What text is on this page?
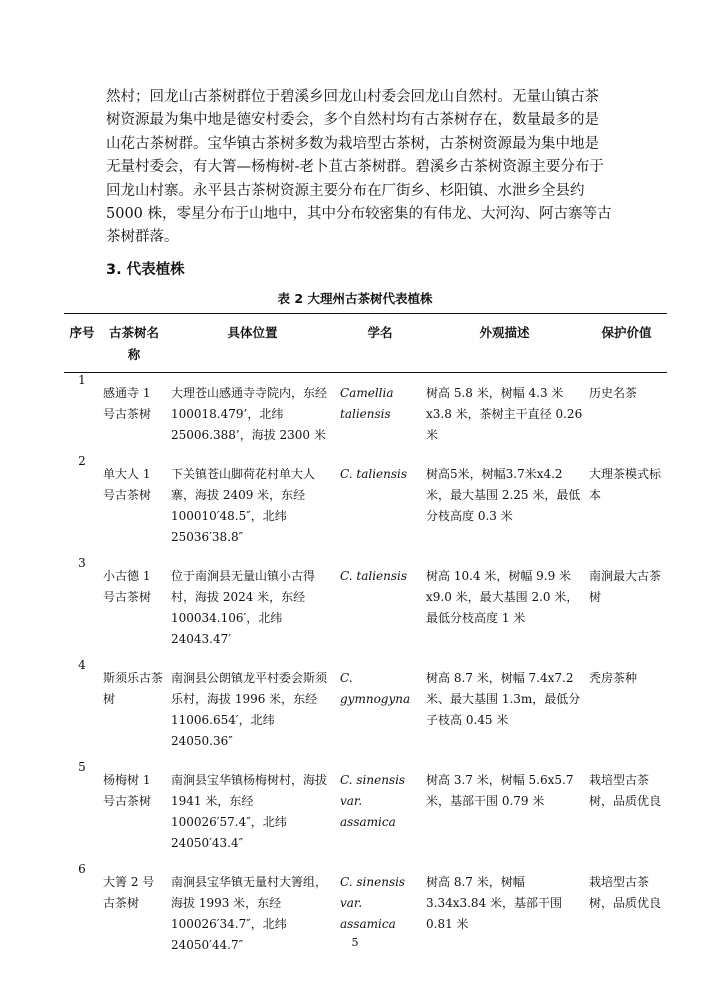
然村；回龙山古茶树群位于碧溪乡回龙山村委会回龙山自然村。无量山镇古茶
树资源最为集中地是德安村委会，多个自然村均有古茶树存在，数量最多的是
山花古茶树群。宝华镇古茶树多数为栽培型古茶树，古茶树资源最为集中地是
无量村委会，有大箐—杨梅树-老卜苴古茶树群。碧溪乡古茶树资源主要分布于
回龙山村寨。永平县古茶树资源主要分布在厂街乡、杉阳镇、水泄乡全县约
5000 株，零星分布于山地中，其中分布较密集的有伟龙、大河沟、阿古寨等古
茶树群落。

3. 代表植株

表 2 大理州古茶树代表植株

序号	古茶树名称	具体位置	学名	外观描述	保护价值
1	感通寺 1 号古茶树	大理苍山感通寺寺院内，东经 100018.479’，北纬 25006.388’，海拔 2300 米	Camellia taliensis	树高 5.8 米，树幅 4.3 米 x3.8 米，茶树主干直径 0.26 米	历史名茶
2	单大人 1 号古茶树	下关镇苍山脚荷花村单大人寨，海拔 2409 米，东经 100010′48.5″，北纬 25036′38.8″	C. taliensis	树高5米，树幅3.7米x4.2米，最大基围 2.25 米，最低分枝高度 0.3 米	大理茶模式标本
3	小古德 1 号古茶树	位于南涧县无量山镇小古得村，海拔 2024 米，东经 100034.106′，北纬 24043.47′	C. taliensis	树高 10.4 米，树幅 9.9 米 x9.0 米，最大基围 2.0 米，最低分枝高度 1 米	南涧最大古茶树
4	斯须乐古茶树	南涧县公朗镇龙平村委会斯须乐村，海拔 1996 米，东经 11006.654′，北纬 24050.36″	C. gymnogyna	树高 8.7 米，树幅 7.4x7.2 米、最大基围 1.3m，最低分子枝高 0.45 米	秃房茶种
5	杨梅树 1 号古茶树	南涧县宝华镇杨梅树村，海拔 1941 米，东经 100026′57.4″，北纬 24050′43.4″	C. sinensis
var. assamica	树高 3.7 米，树幅 5.6x5.7 米，基部干围 0.79 米	栽培型古茶树，品质优良
6	大箐 2 号古茶树	南涧县宝华镇无量村大箐组，海拔 1993 米，东经 100026′34.7″，北纬 24050′44.7″	C. sinensis
var. assamica	树高 8.7 米，树幅 3.34x3.84 米，基部干围 0.81 米	栽培型古茶树，品质优良

5
